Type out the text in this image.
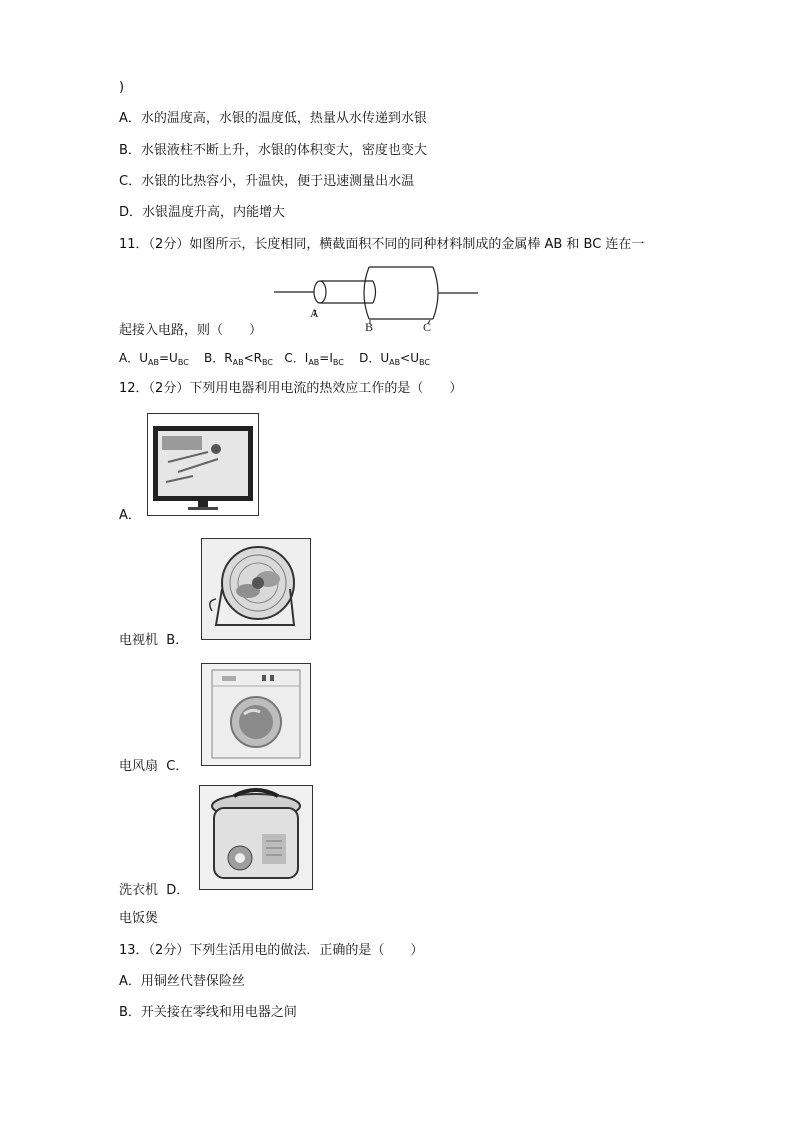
)
A．水的温度高，水银的温度低，热量从水传递到水银
B．水银液柱不断上升，水银的体积变大，密度也变大
C．水银的比热容小，升温快，便于迅速测量出水温
D．水银温度升高，内能增大
11．（2分）如图所示，长度相同，横截面积不同的同种材料制成的金属棒 AB 和 BC 连在一
A
B	C
起接入电路，则（　　）
A．$U_{AB}=U_{BC}$ B．$R_{AB}<R_{BC}$ C．$I_{AB}=I_{BC}$ D．$U_{AB}<U_{BC}$
12．（2分）下列用电器利用电流的热效应工作的是（　　）
A．
电视机 B．
电风扇 C．
洗衣机 D．
电饭煲
13．（2分）下列生活用电的做法．正确的是（　　）
A．用铜丝代替保险丝
B．开关接在零线和用电器之间
